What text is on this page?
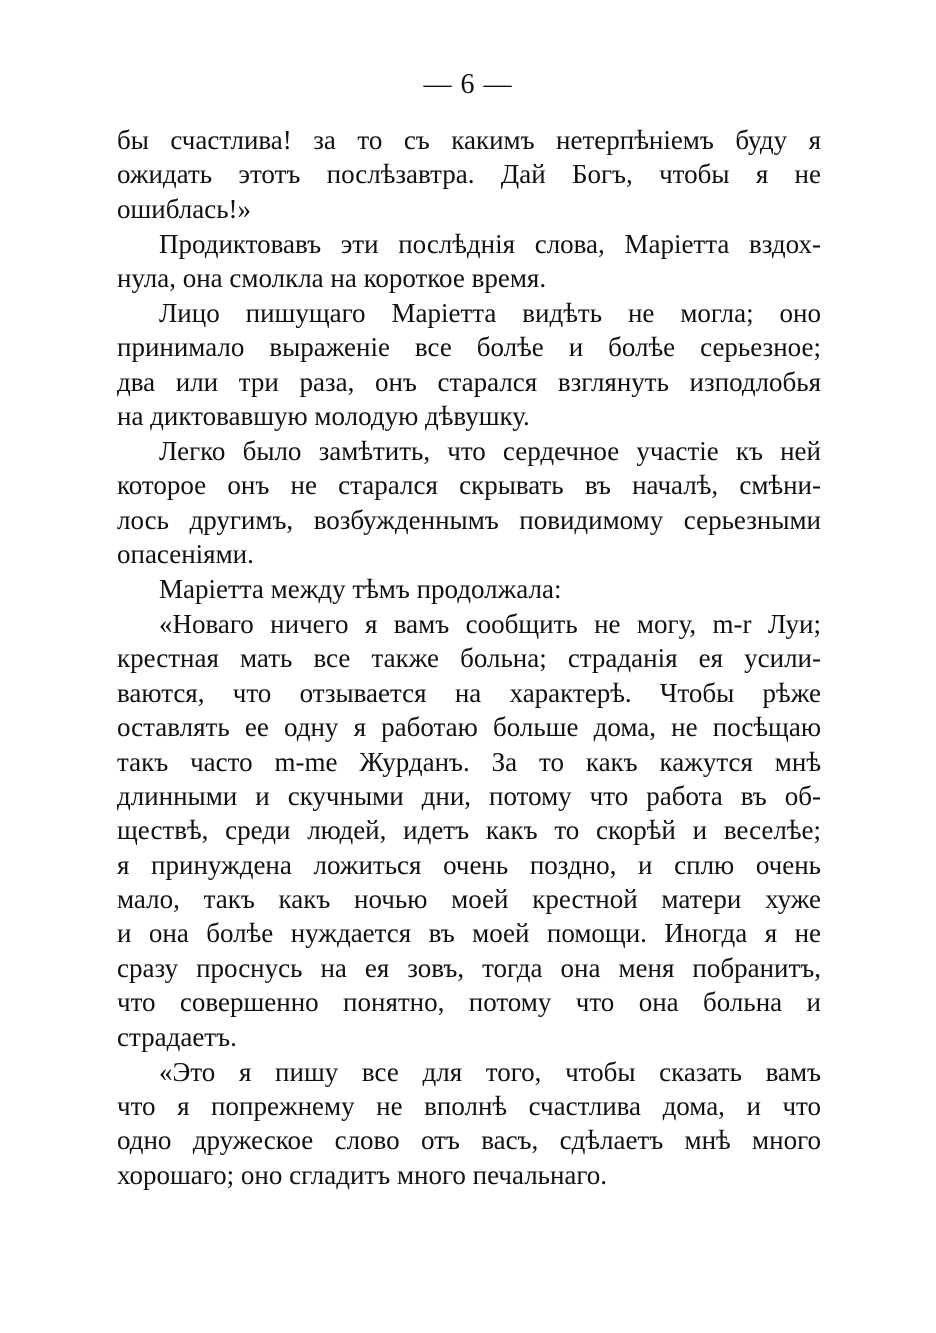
— 6 —
бы счастлива! за то съ какимъ нетерпѣніемъ буду я
ожидать этотъ послѣзавтра. Дай Богъ, чтобы я не
ошиблась!»
Продиктовавъ эти послѣднія слова, Маріетта вздох-
нула, она смолкла на короткое время.
Лицо пишущаго Маріетта видѣть не могла; оно
принимало выраженіе все болѣе и болѣе серьезное;
два или три раза, онъ старался взглянуть изподлобья
на диктовавшую молодую дѣвушку.
Легко было замѣтить, что сердечное участіе къ ней
которое онъ не старался скрывать въ началѣ, смѣни-
лось другимъ, возбужденнымъ повидимому серьезными
опасеніями.
Маріетта между тѣмъ продолжала:
«Новаго ничего я вамъ сообщить не могу, m-r Луи;
крестная мать все также больна; страданія ея усили-
ваются, что отзывается на характерѣ. Чтобы рѣже
оставлять ее одну я работаю больше дома, не посѣщаю
такъ часто m-me Журданъ. За то какъ кажутся мнѣ
длинными и скучными дни, потому что работа въ об-
ществѣ, среди людей, идетъ какъ то скорѣй и веселѣе;
я принуждена ложиться очень поздно, и сплю очень
мало, такъ какъ ночью моей крестной матери хуже
и она болѣе нуждается въ моей помощи. Иногда я не
сразу проснусь на ея зовъ, тогда она меня побранитъ,
что совершенно понятно, потому что она больна и
страдаетъ.
«Это я пишу все для того, чтобы сказать вамъ
что я попрежнему не вполнѣ счастлива дома, и что
одно дружеское слово отъ васъ, сдѣлаетъ мнѣ много
хорошаго; оно сгладитъ много печальнаго.
